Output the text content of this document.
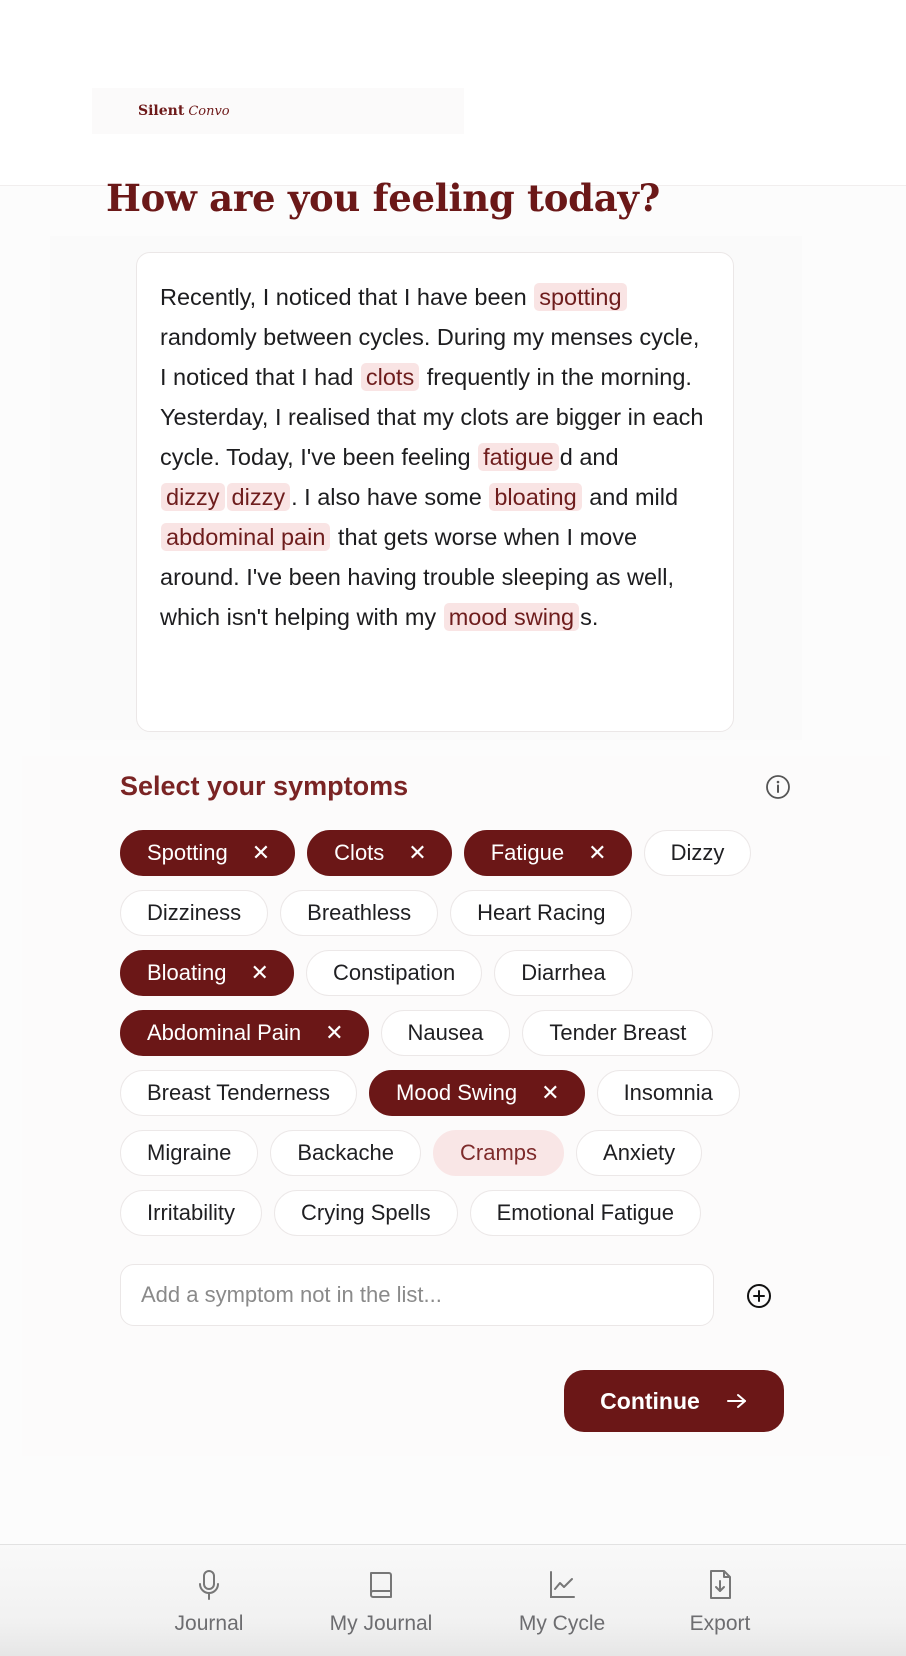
Silent Convo
How are you feeling today?
Recently, I noticed that I have been spotting randomly between cycles. During my menses cycle, I noticed that I had clots frequently in the morning. Yesterday, I realised that my clots are bigger in each cycle. Today, I've been feeling fatigue d and dizzy dizzy . I also have some bloating and mild abdominal pain that gets worse when I move around. I've been having trouble sleeping as well, which isn't helping with my mood swing s.
Select your symptoms
Spotting ✕	Clots ✕	Fatigue ✕	Dizzy
Dizziness	Breathless	Heart Racing
Bloating ✕	Constipation	Diarrhea
Abdominal Pain ✕	Nausea	Tender Breast
Breast Tenderness	Mood Swing ✕	Insomnia
Migraine	Backache	Cramps	Anxiety
Irritability	Crying Spells	Emotional Fatigue
Add a symptom not in the list...
Continue
Journal	My Journal	My Cycle	Export
